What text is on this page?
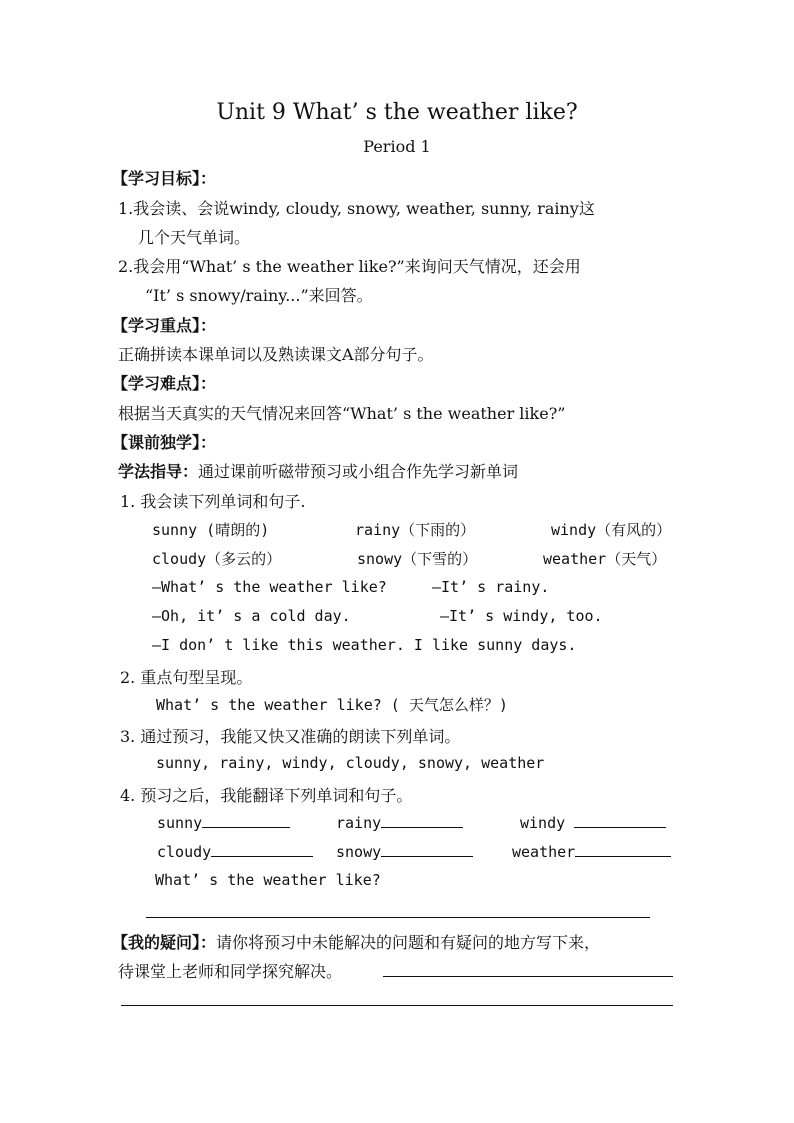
Unit 9 What’ s the weather like?
Period 1
【学习目标】：
1.我会读、会说windy, cloudy, snowy, weather, sunny, rainy这
几个天气单词。
2.我会用“What’ s the weather like?”来询问天气情况，还会用
“It’ s snowy/rainy...”来回答。
【学习重点】：
正确拼读本课单词以及熟读课文A部分句子。
【学习难点】：
根据当天真实的天气情况来回答“What’ s the weather like?”
【课前独学】：
学法指导：通过课前听磁带预习或小组合作先学习新单词
1. 我会读下列单词和句子.
sunny (晴朗的)	rainy（下雨的）	windy（有风的）
cloudy（多云的）	snowy（下雪的）	weather（天气）
—What’ s the weather like?	—It’ s rainy.
—Oh, it’ s a cold day.	—It’ s windy, too.
—I don’ t like this weather. I like sunny days.
2. 重点句型呈现。
What’ s the weather like? ( 天气怎么样？)
3. 通过预习，我能又快又准确的朗读下列单词。
sunny, rainy, windy, cloudy, snowy, weather
4. 预习之后，我能翻译下列单词和句子。
sunny	rainy	windy
cloudy	snowy	weather
What’ s the weather like?
【我的疑问】：请你将预习中未能解决的问题和有疑问的地方写下来，
待课堂上老师和同学探究解决。
